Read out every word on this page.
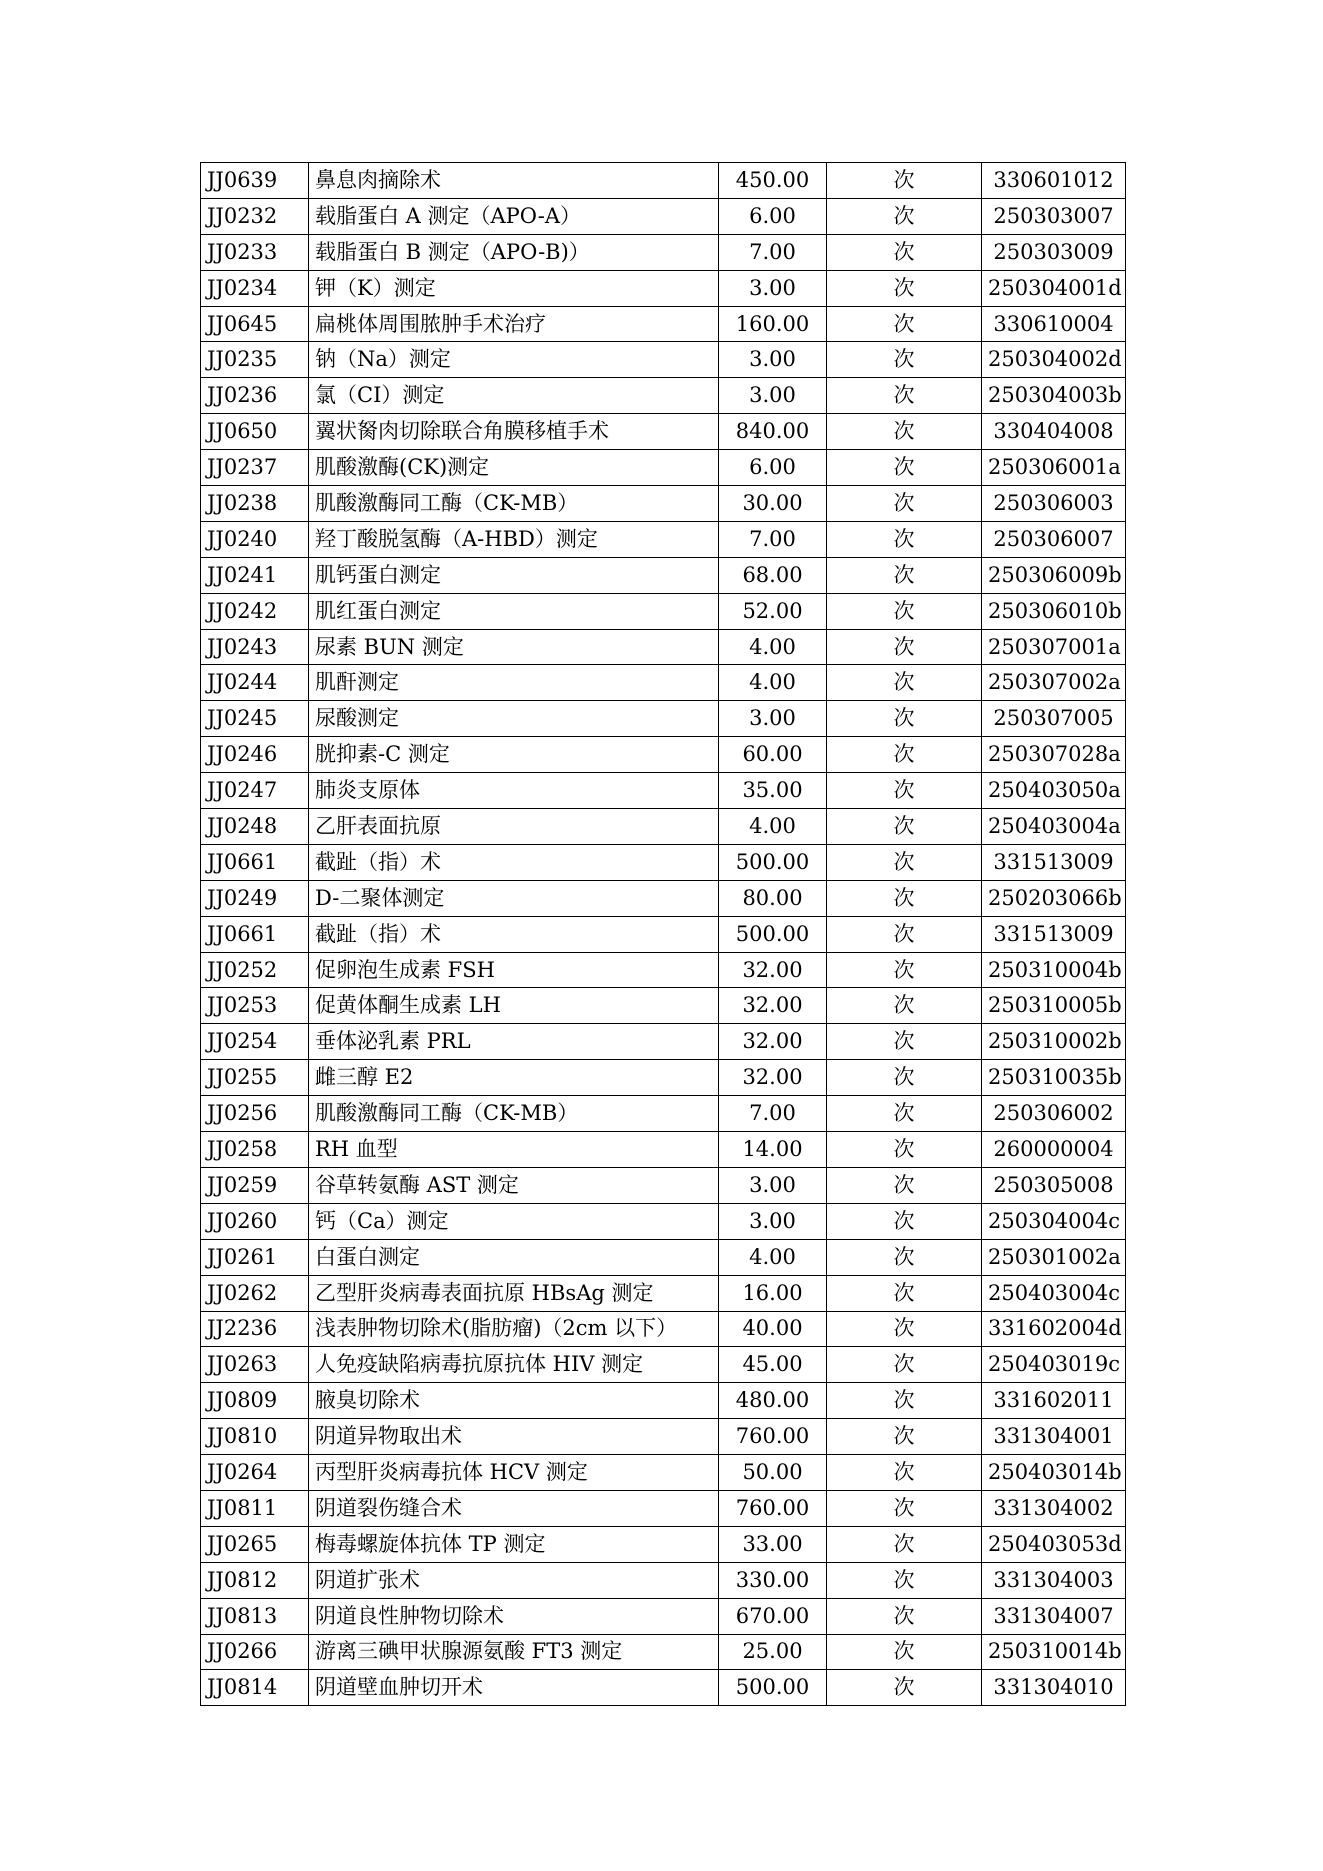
JJ0639	鼻息肉摘除术	450.00	次	330601012
JJ0232	载脂蛋白 A 测定（APO-A）	6.00	次	250303007
JJ0233	载脂蛋白 B 测定（APO-B)）	7.00	次	250303009
JJ0234	钾（K）测定	3.00	次	250304001d
JJ0645	扁桃体周围脓肿手术治疗	160.00	次	330610004
JJ0235	钠（Na）测定	3.00	次	250304002d
JJ0236	氯（CI）测定	3.00	次	250304003b
JJ0650	翼状胬肉切除联合角膜移植手术	840.00	次	330404008
JJ0237	肌酸激酶(CK)测定	6.00	次	250306001a
JJ0238	肌酸激酶同工酶（CK-MB）	30.00	次	250306003
JJ0240	羟丁酸脱氢酶（A-HBD）测定	7.00	次	250306007
JJ0241	肌钙蛋白测定	68.00	次	250306009b
JJ0242	肌红蛋白测定	52.00	次	250306010b
JJ0243	尿素 BUN 测定	4.00	次	250307001a
JJ0244	肌酐测定	4.00	次	250307002a
JJ0245	尿酸测定	3.00	次	250307005
JJ0246	胱抑素-C 测定	60.00	次	250307028a
JJ0247	肺炎支原体	35.00	次	250403050a
JJ0248	乙肝表面抗原	4.00	次	250403004a
JJ0661	截趾（指）术	500.00	次	331513009
JJ0249	D-二聚体测定	80.00	次	250203066b
JJ0661	截趾（指）术	500.00	次	331513009
JJ0252	促卵泡生成素 FSH	32.00	次	250310004b
JJ0253	促黄体酮生成素 LH	32.00	次	250310005b
JJ0254	垂体泌乳素 PRL	32.00	次	250310002b
JJ0255	雌三醇 E2	32.00	次	250310035b
JJ0256	肌酸激酶同工酶（CK-MB）	7.00	次	250306002
JJ0258	RH 血型	14.00	次	260000004
JJ0259	谷草转氨酶 AST 测定	3.00	次	250305008
JJ0260	钙（Ca）测定	3.00	次	250304004c
JJ0261	白蛋白测定	4.00	次	250301002a
JJ0262	乙型肝炎病毒表面抗原 HBsAg 测定	16.00	次	250403004c
JJ2236	浅表肿物切除术(脂肪瘤)（2cm 以下）	40.00	次	331602004d
JJ0263	人免疫缺陷病毒抗原抗体 HIV 测定	45.00	次	250403019c
JJ0809	腋臭切除术	480.00	次	331602011
JJ0810	阴道异物取出术	760.00	次	331304001
JJ0264	丙型肝炎病毒抗体 HCV 测定	50.00	次	250403014b
JJ0811	阴道裂伤缝合术	760.00	次	331304002
JJ0265	梅毒螺旋体抗体 TP 测定	33.00	次	250403053d
JJ0812	阴道扩张术	330.00	次	331304003
JJ0813	阴道良性肿物切除术	670.00	次	331304007
JJ0266	游离三碘甲状腺源氨酸 FT3 测定	25.00	次	250310014b
JJ0814	阴道壁血肿切开术	500.00	次	331304010
